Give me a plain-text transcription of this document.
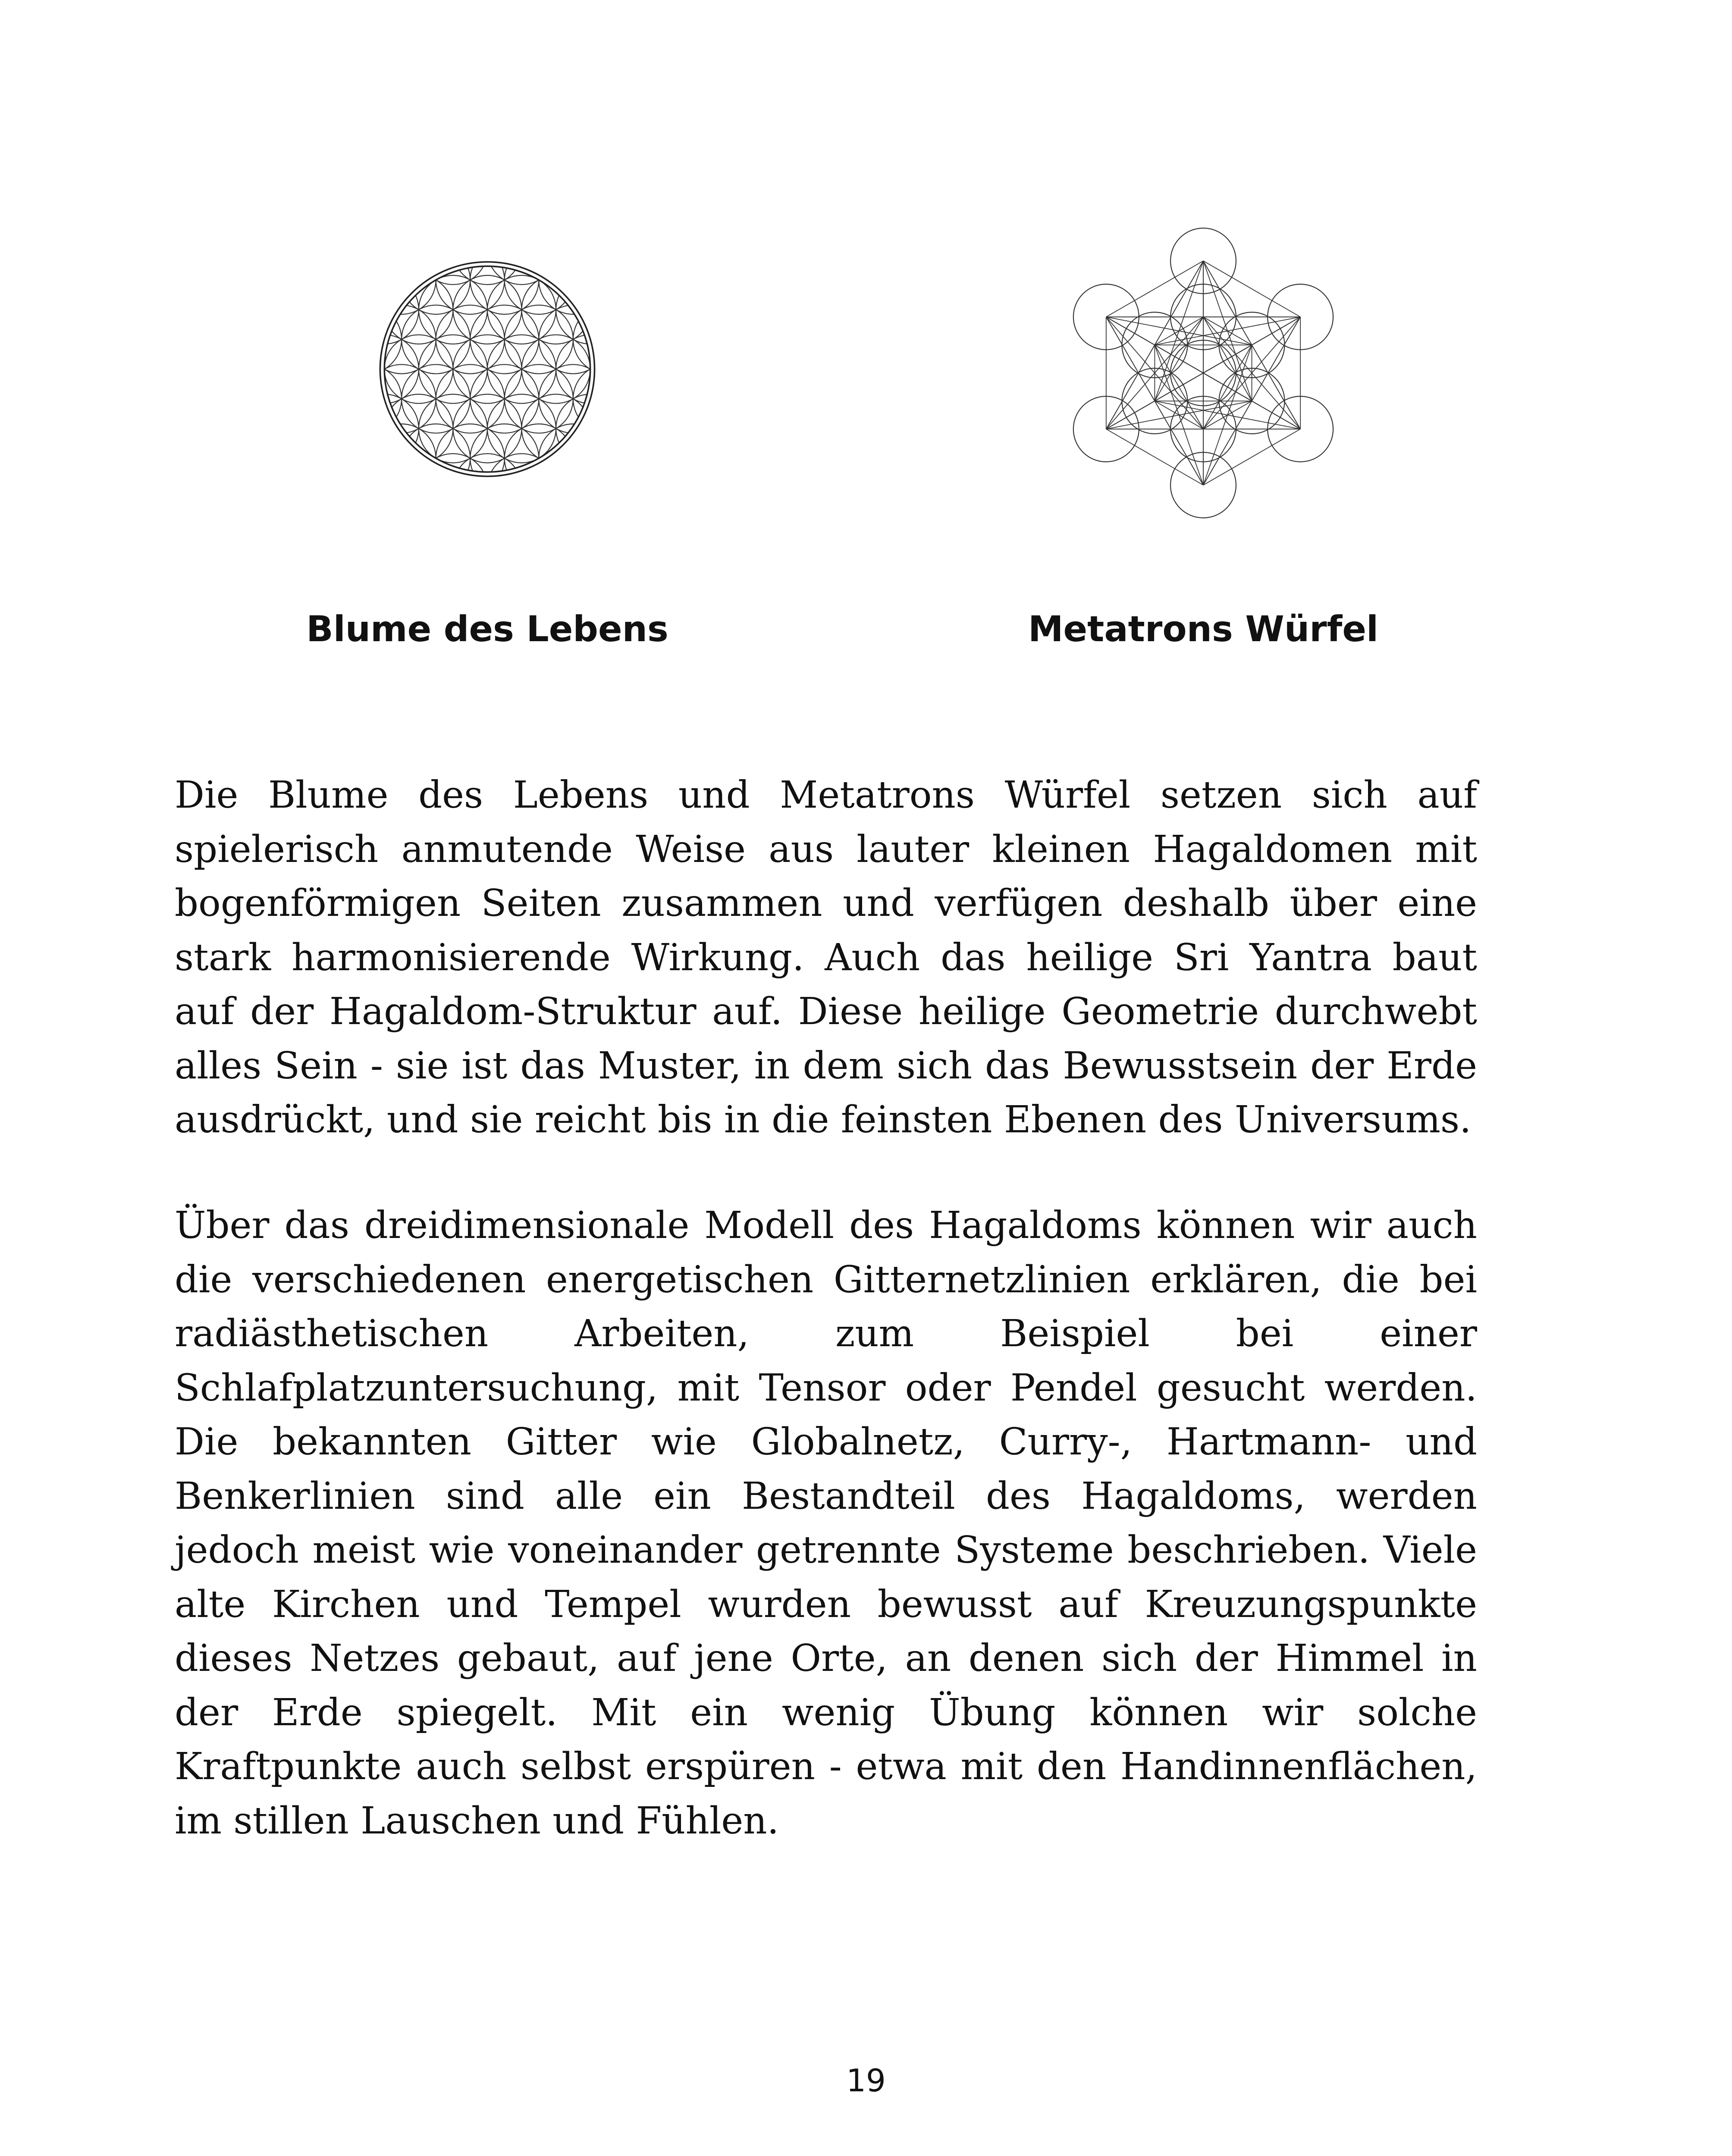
Blume des Lebens	Metatrons Würfel

Die Blume des Lebens und Metatrons Würfel setzen sich auf spielerisch anmutende Weise aus lauter kleinen Hagaldomen mit bogenförmigen Seiten zusammen und verfügen deshalb über eine stark harmonisierende Wirkung. Auch das heilige Sri Yantra baut auf der Hagaldom-Struktur auf. Diese heilige Geometrie durchwebt alles Sein - sie ist das Muster, in dem sich das Bewusstsein der Erde ausdrückt, und sie reicht bis in die feinsten Ebenen des Universums.

Über das dreidimensionale Modell des Hagaldoms können wir auch die verschiedenen energetischen Gitternetzlinien erklären, die bei radiästhetischen Arbeiten, zum Beispiel bei einer Schlafplatzuntersuchung, mit Tensor oder Pendel gesucht werden. Die bekannten Gitter wie Globalnetz, Curry-, Hartmann- und Benkerlinien sind alle ein Bestandteil des Hagaldoms, werden jedoch meist wie voneinander getrennte Systeme beschrieben. Viele alte Kirchen und Tempel wurden bewusst auf Kreuzungspunkte dieses Netzes gebaut, auf jene Orte, an denen sich der Himmel in der Erde spiegelt. Mit ein wenig Übung können wir solche Kraftpunkte auch selbst erspüren - etwa mit den Handinnenflächen, im stillen Lauschen und Fühlen.

19
